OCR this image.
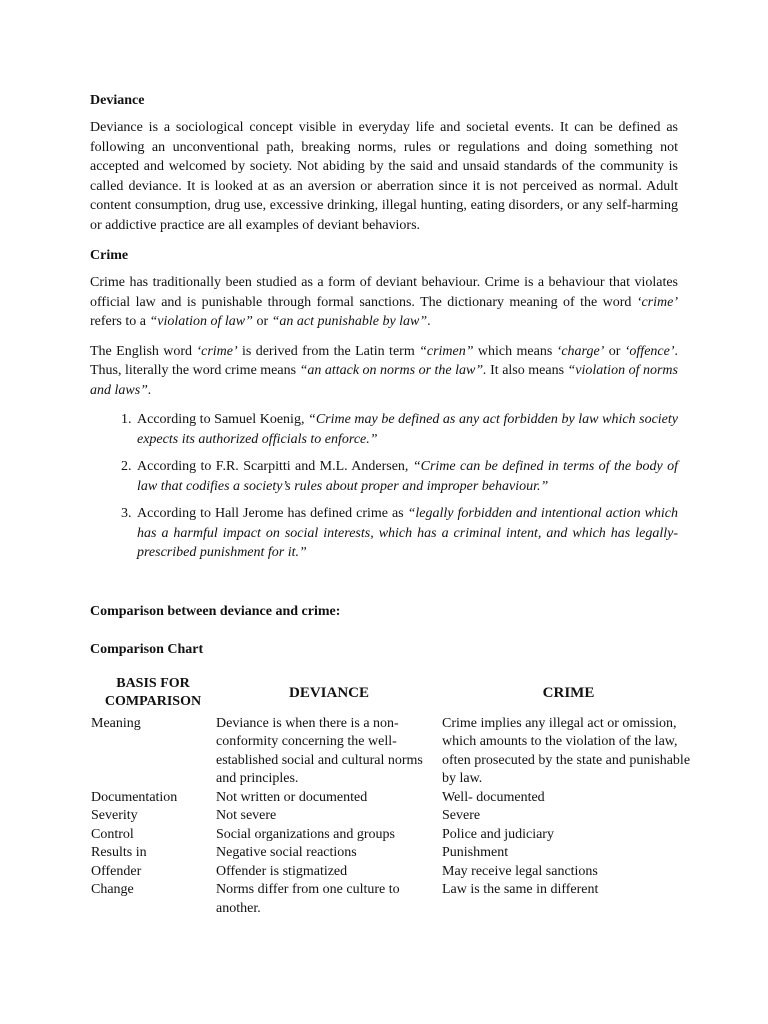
Deviance

Deviance is a sociological concept visible in everyday life and societal events. It can be defined as following an unconventional path, breaking norms, rules or regulations and doing something not accepted and welcomed by society. Not abiding by the said and unsaid standards of the community is called deviance. It is looked at as an aversion or aberration since it is not perceived as normal. Adult content consumption, drug use, excessive drinking, illegal hunting, eating disorders, or any self-harming or addictive practice are all examples of deviant behaviors.

Crime

Crime has traditionally been studied as a form of deviant behaviour. Crime is a behaviour that violates official law and is punishable through formal sanctions. The dictionary meaning of the word ‘crime’ refers to a “violation of law” or “an act punishable by law”.

The English word ‘crime’ is derived from the Latin term “crimen” which means ‘charge’ or ‘offence’. Thus, literally the word crime means “an attack on norms or the law”. It also means “violation of norms and laws”.

1. According to Samuel Koenig, “Crime may be defined as any act forbidden by law which society expects its authorized officials to enforce.”
2. According to F.R. Scarpitti and M.L. Andersen, “Crime can be defined in terms of the body of law that codifies a society’s rules about proper and improper behaviour.”
3. According to Hall Jerome has defined crime as “legally forbidden and intentional action which has a harmful impact on social interests, which has a criminal intent, and which has legally-prescribed punishment for it.”
Comparison between deviance and crime:
Comparison Chart
BASIS FOR COMPARISON	DEVIANCE	CRIME
Meaning	Deviance is when there is a non-conformity concerning the well-established social and cultural norms and principles.	Crime implies any illegal act or omission, which amounts to the violation of the law, often prosecuted by the state and punishable by law.
Documentation	Not written or documented	Well- documented
Severity	Not severe	Severe
Control	Social organizations and groups	Police and judiciary
Results in	Negative social reactions	Punishment
Offender	Offender is stigmatized	May receive legal sanctions
Change	Norms differ from one culture to another.	Law is the same in different
